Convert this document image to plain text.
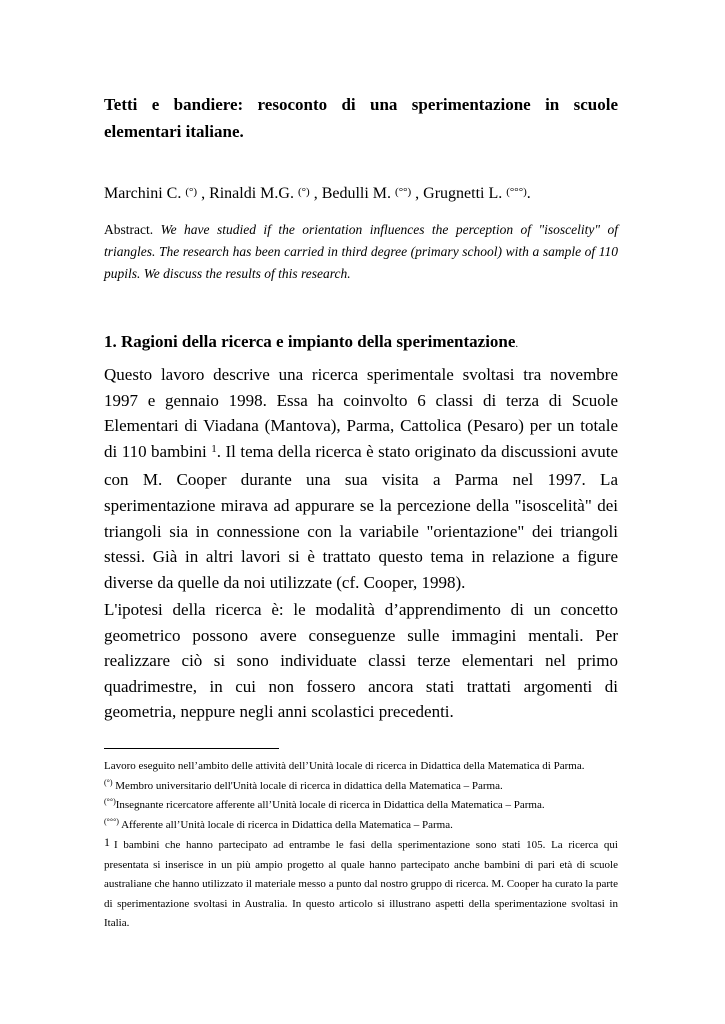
Tetti e bandiere: resoconto di una sperimentazione in scuole elementari italiane.

Marchini C. (°) , Rinaldi M.G. (°) , Bedulli M. (°°) , Grugnetti L. (°°°).

Abstract. We have studied if the orientation influences the perception of "isoscelity" of triangles. The research has been carried in third degree (primary school) with a sample of 110 pupils. We discuss the results of this research.

1. Ragioni della ricerca e impianto della sperimentazione.

Questo lavoro descrive una ricerca sperimentale svoltasi tra novembre 1997 e gennaio 1998. Essa ha coinvolto 6 classi di terza di Scuole Elementari di Viadana (Mantova), Parma, Cattolica (Pesaro) per un totale di 110 bambini $^1$. Il tema della ricerca è stato originato da discussioni avute con M. Cooper durante una sua visita a Parma nel 1997. La sperimentazione mirava ad appurare se la percezione della "isoscelità" dei triangoli sia in connessione con la variabile "orientazione" dei triangoli stessi. Già in altri lavori si è trattato questo tema in relazione a figure diverse da quelle da noi utilizzate (cf. Cooper, 1998).

L'ipotesi della ricerca è: le modalità d’apprendimento di un concetto geometrico possono avere conseguenze sulle immagini mentali. Per realizzare ciò si sono individuate classi terze elementari nel primo quadrimestre, in cui non fossero ancora stati trattati argomenti di geometria, neppure negli anni scolastici precedenti.

Lavoro eseguito nell’ambito delle attività dell’Unità locale di ricerca in Didattica della Matematica di Parma.

(°) Membro universitario dell'Unità locale di ricerca in didattica della Matematica – Parma.

(°°)Insegnante ricercatore afferente all’Unità locale di ricerca in Didattica della Matematica – Parma.

(°°°) Afferente all’Unità locale di ricerca in Didattica della Matematica – Parma.

1 I bambini che hanno partecipato ad entrambe le fasi della sperimentazione sono stati 105. La ricerca qui presentata si inserisce in un più ampio progetto al quale hanno partecipato anche bambini di pari età di scuole australiane che hanno utilizzato il materiale messo a punto dal nostro gruppo di ricerca. M. Cooper ha curato la parte di sperimentazione svoltasi in Australia. In questo articolo si illustrano aspetti della sperimentazione svoltasi in Italia.
